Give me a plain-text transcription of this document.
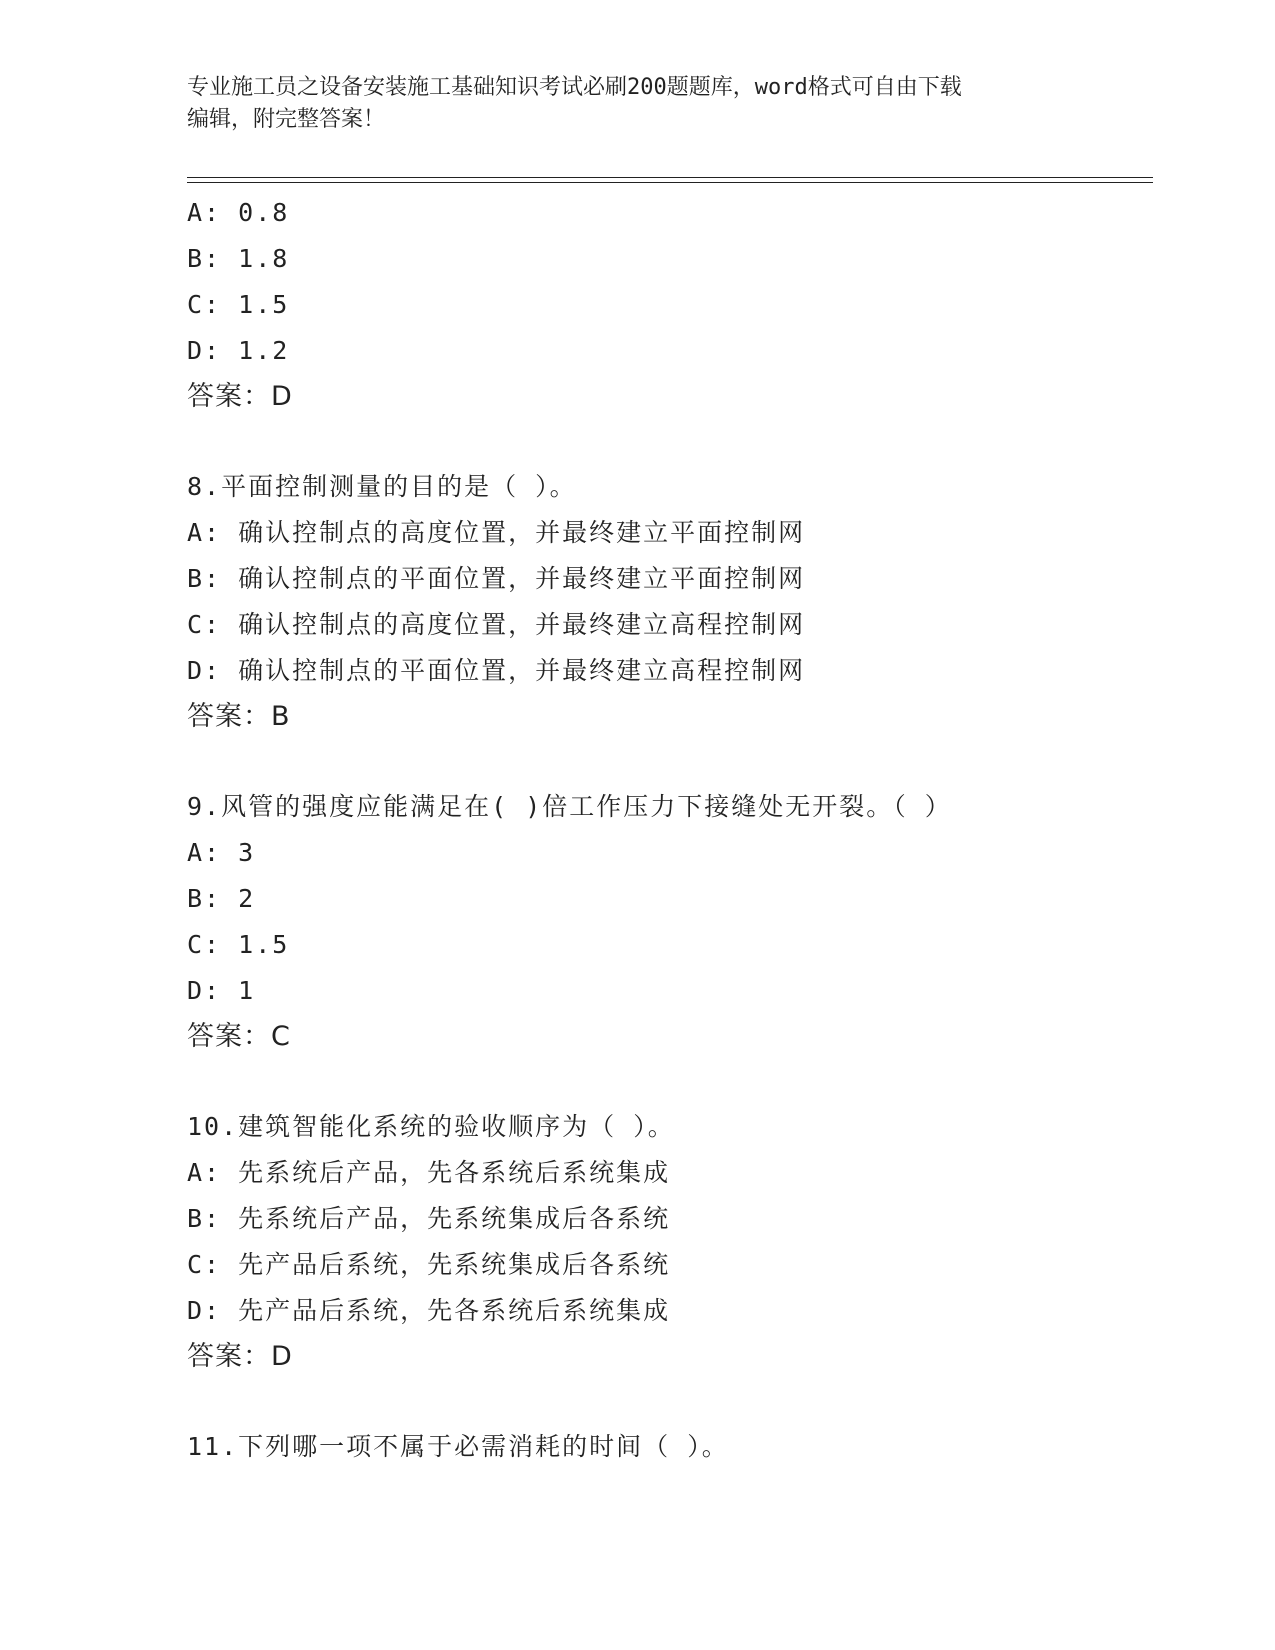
专业施工员之设备安装施工基础知识考试必刷200题题库，word格式可自由下载
编辑，附完整答案！
A: 0.8
B: 1.8
C: 1.5
D: 1.2
答案：D
8.平面控制测量的目的是（ ）。
A: 确认控制点的高度位置，并最终建立平面控制网
B: 确认控制点的平面位置，并最终建立平面控制网
C: 确认控制点的高度位置，并最终建立高程控制网
D: 确认控制点的平面位置，并最终建立高程控制网
答案：B
9.风管的强度应能满足在( )倍工作压力下接缝处无开裂。（ ）
A: 3
B: 2
C: 1.5
D: 1
答案：C
10.建筑智能化系统的验收顺序为（ ）。
A: 先系统后产品，先各系统后系统集成
B: 先系统后产品，先系统集成后各系统
C: 先产品后系统，先系统集成后各系统
D: 先产品后系统，先各系统后系统集成
答案：D
11.下列哪一项不属于必需消耗的时间（ ）。
